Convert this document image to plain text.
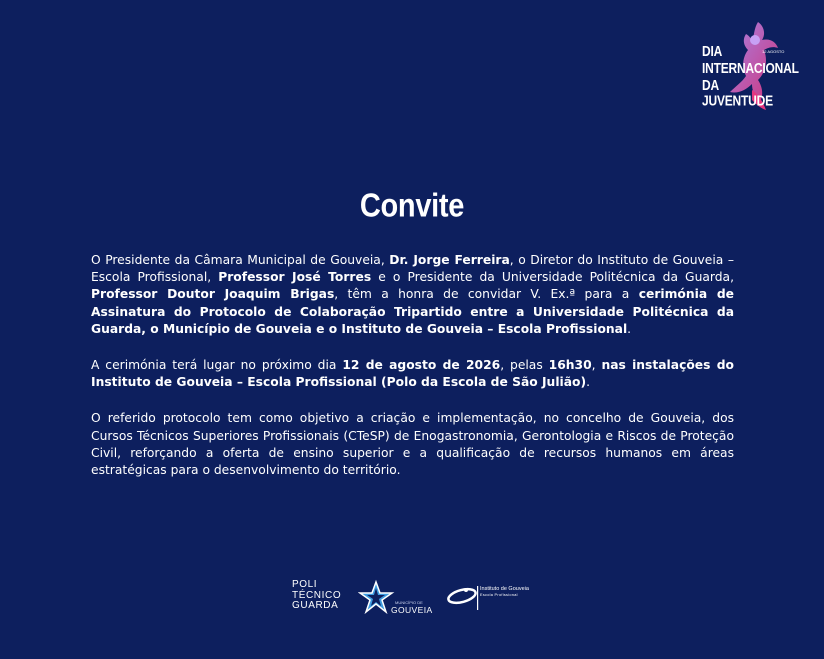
DIA
INTERNACIONAL
DA JUVENTUDE
12 AGOSTO
Convite

O Presidente da Câmara Municipal de Gouveia, Dr. Jorge Ferreira, o Diretor do Instituto de Gouveia – Escola Profissional, Professor José Torres e o Presidente da Universidade Politécnica da Guarda, Professor Doutor Joaquim Brigas, têm a honra de convidar V. Ex.ª para a cerimónia de Assinatura do Protocolo de Colaboração Tripartido entre a Universidade Politécnica da Guarda, o Município de Gouveia e o Instituto de Gouveia – Escola Profissional.

A cerimónia terá lugar no próximo dia 12 de agosto de 2026, pelas 16h30, nas instalações do Instituto de Gouveia – Escola Profissional (Polo da Escola de São Julião).

O referido protocolo tem como objetivo a criação e implementação, no concelho de Gouveia, dos Cursos Técnicos Superiores Profissionais (CTeSP) de Enogastronomia, Gerontologia e Riscos de Proteção Civil, reforçando a oferta de ensino superior e a qualificação de recursos humanos em áreas estratégicas para o desenvolvimento do território.

POLI
TÉCNICO
GUARDA	MUNICÍPIO DE
GOUVEIA
Instituto de Gouveia
Escola Profissional
